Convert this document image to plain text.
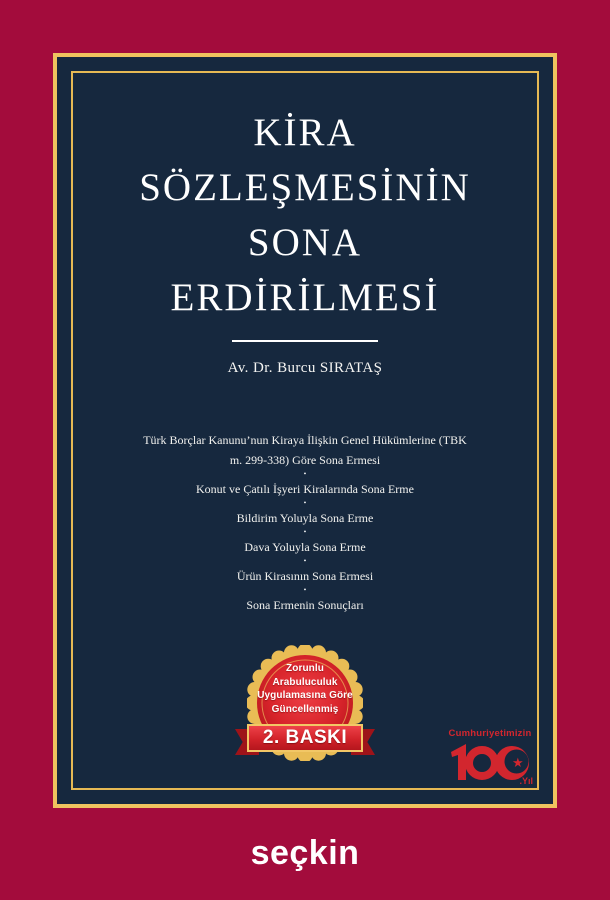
KİRA
SÖZLEŞMESİNİN
SONA
ERDİRİLMESİ
Av. Dr. Burcu SIRATAŞ
Türk Borçlar Kanunu’nun Kiraya İlişkin Genel Hükümlerine (TBK m. 299-338) Göre Sona Ermesi
•
Konut ve Çatılı İşyeri Kiralarında Sona Erme
•
Bildirim Yoluyla Sona Erme
•
Dava Yoluyla Sona Erme
•
Ürün Kirasının Sona Ermesi
•
Sona Ermenin Sonuçları
Zorunlu
Arabuluculuk
Uygulamasına Göre
Güncellenmiş
2. BASKI	Cumhuriyetimizin
★
.Yıl
seçkin
